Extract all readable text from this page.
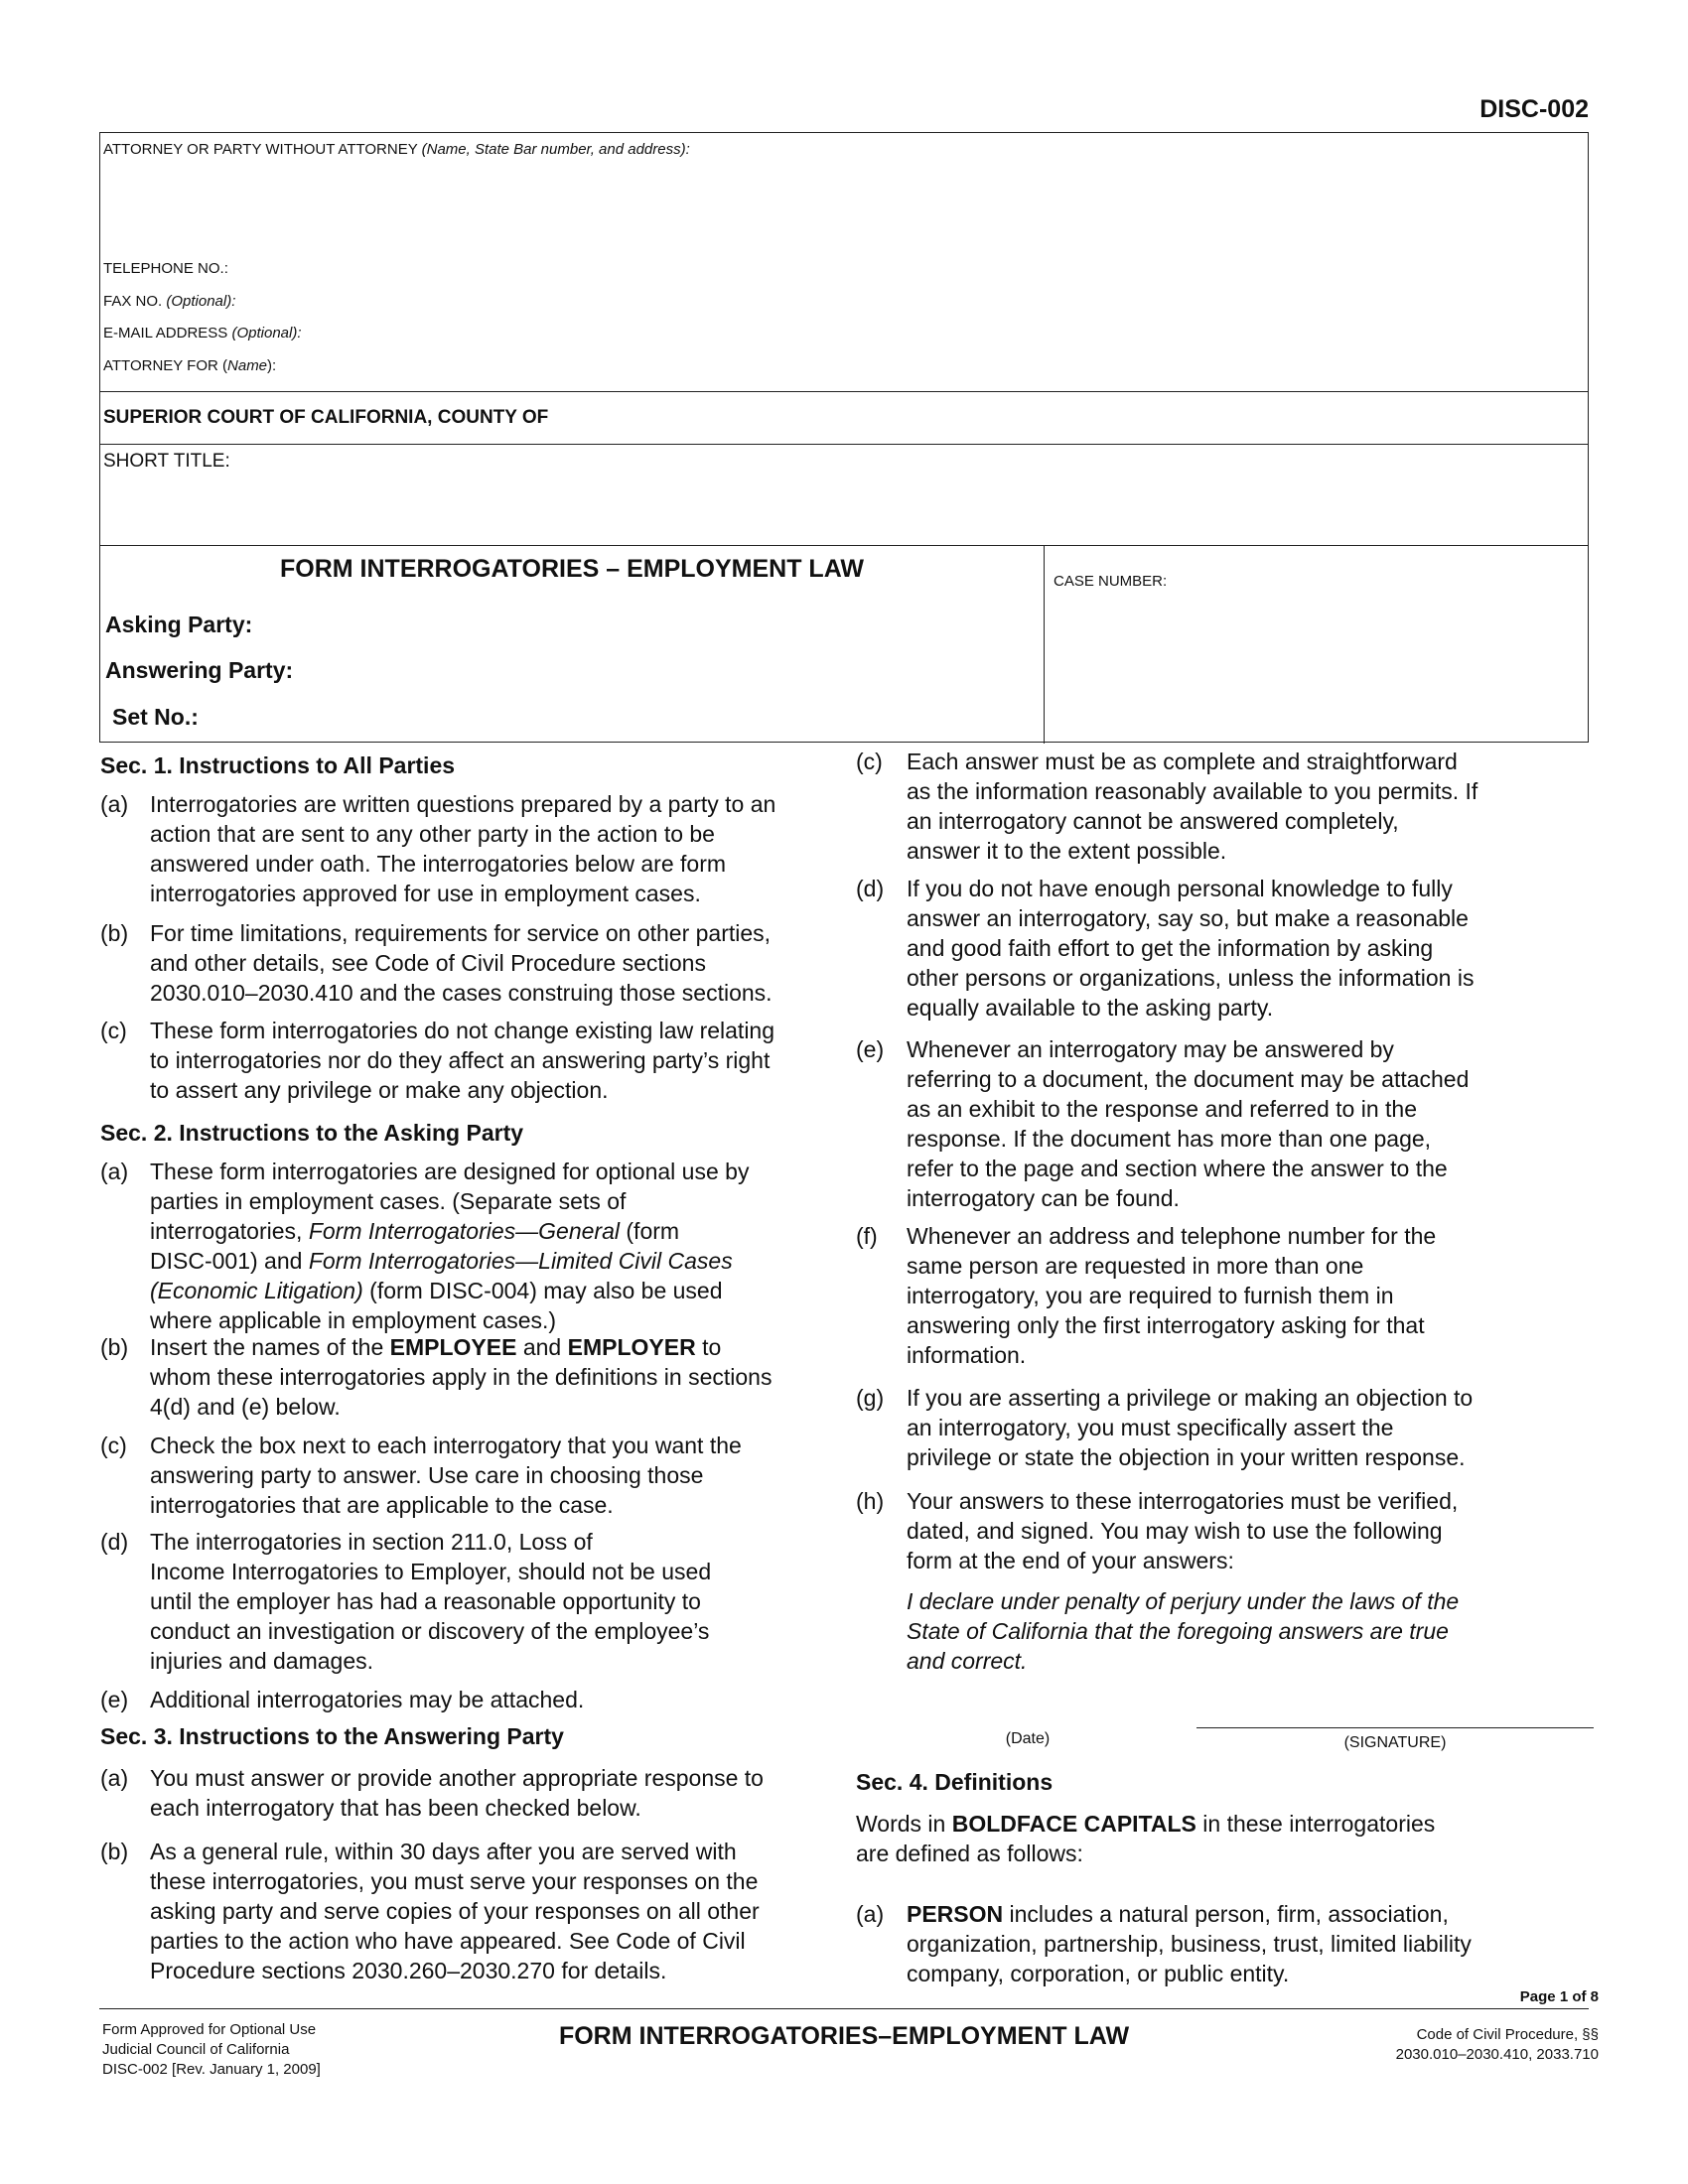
DISC-002
ATTORNEY OR PARTY WITHOUT ATTORNEY (Name, State Bar number, and address):
TELEPHONE NO.:
FAX NO. (Optional):
E-MAIL ADDRESS (Optional):
ATTORNEY FOR (Name):
SUPERIOR COURT OF CALIFORNIA, COUNTY OF
SHORT TITLE:
FORM INTERROGATORIES – EMPLOYMENT LAW
Asking Party:
Answering Party:
Set No.:
CASE NUMBER:
Sec. 1. Instructions to All Parties
(a) Interrogatories are written questions prepared by a party to an
action that are sent to any other party in the action to be
answered under oath. The interrogatories below are form
interrogatories approved for use in employment cases.
(b) For time limitations, requirements for service on other parties,
and other details, see Code of Civil Procedure sections
2030.010–2030.410 and the cases construing those sections.
(c) These form interrogatories do not change existing law relating
to interrogatories nor do they affect an answering party’s right
to assert any privilege or make any objection.
Sec. 2. Instructions to the Asking Party
(a) These form interrogatories are designed for optional use by
parties in employment cases. (Separate sets of
interrogatories, Form Interrogatories—General (form
DISC-001) and Form Interrogatories—Limited Civil Cases
(Economic Litigation) (form DISC-004) may also be used
where applicable in employment cases.)
(b) Insert the names of the EMPLOYEE and EMPLOYER to
whom these interrogatories apply in the definitions in sections
4(d) and (e) below.
(c) Check the box next to each interrogatory that you want the
answering party to answer. Use care in choosing those
interrogatories that are applicable to the case.
(d) The interrogatories in section 211.0, Loss of
Income Interrogatories to Employer, should not be used
until the employer has had a reasonable opportunity to
conduct an investigation or discovery of the employee’s
injuries and damages.
(e) Additional interrogatories may be attached.
Sec. 3. Instructions to the Answering Party
(a) You must answer or provide another appropriate response to
each interrogatory that has been checked below.
(b) As a general rule, within 30 days after you are served with
these interrogatories, you must serve your responses on the
asking party and serve copies of your responses on all other
parties to the action who have appeared. See Code of Civil
Procedure sections 2030.260–2030.270 for details.
(c) Each answer must be as complete and straightforward
as the information reasonably available to you permits. If
an interrogatory cannot be answered completely,
answer it to the extent possible.
(d) If you do not have enough personal knowledge to fully
answer an interrogatory, say so, but make a reasonable
and good faith effort to get the information by asking
other persons or organizations, unless the information is
equally available to the asking party.
(e) Whenever an interrogatory may be answered by
referring to a document, the document may be attached
as an exhibit to the response and referred to in the
response. If the document has more than one page,
refer to the page and section where the answer to the
interrogatory can be found.
(f) Whenever an address and telephone number for the
same person are requested in more than one
interrogatory, you are required to furnish them in
answering only the first interrogatory asking for that
information.
(g) If you are asserting a privilege or making an objection to
an interrogatory, you must specifically assert the
privilege or state the objection in your written response.
(h) Your answers to these interrogatories must be verified,
dated, and signed. You may wish to use the following
form at the end of your answers:
I declare under penalty of perjury under the laws of the
State of California that the foregoing answers are true
and correct.
(Date)	(SIGNATURE)
Sec. 4. Definitions
Words in BOLDFACE CAPITALS in these interrogatories
are defined as follows:
(a) PERSON includes a natural person, firm, association,
organization, partnership, business, trust, limited liability
company, corporation, or public entity.
Page 1 of 8
Form Approved for Optional Use
Judicial Council of California
DISC-002 [Rev. January 1, 2009]
FORM INTERROGATORIES–EMPLOYMENT LAW	Code of Civil Procedure, §§
2030.010–2030.410, 2033.710
